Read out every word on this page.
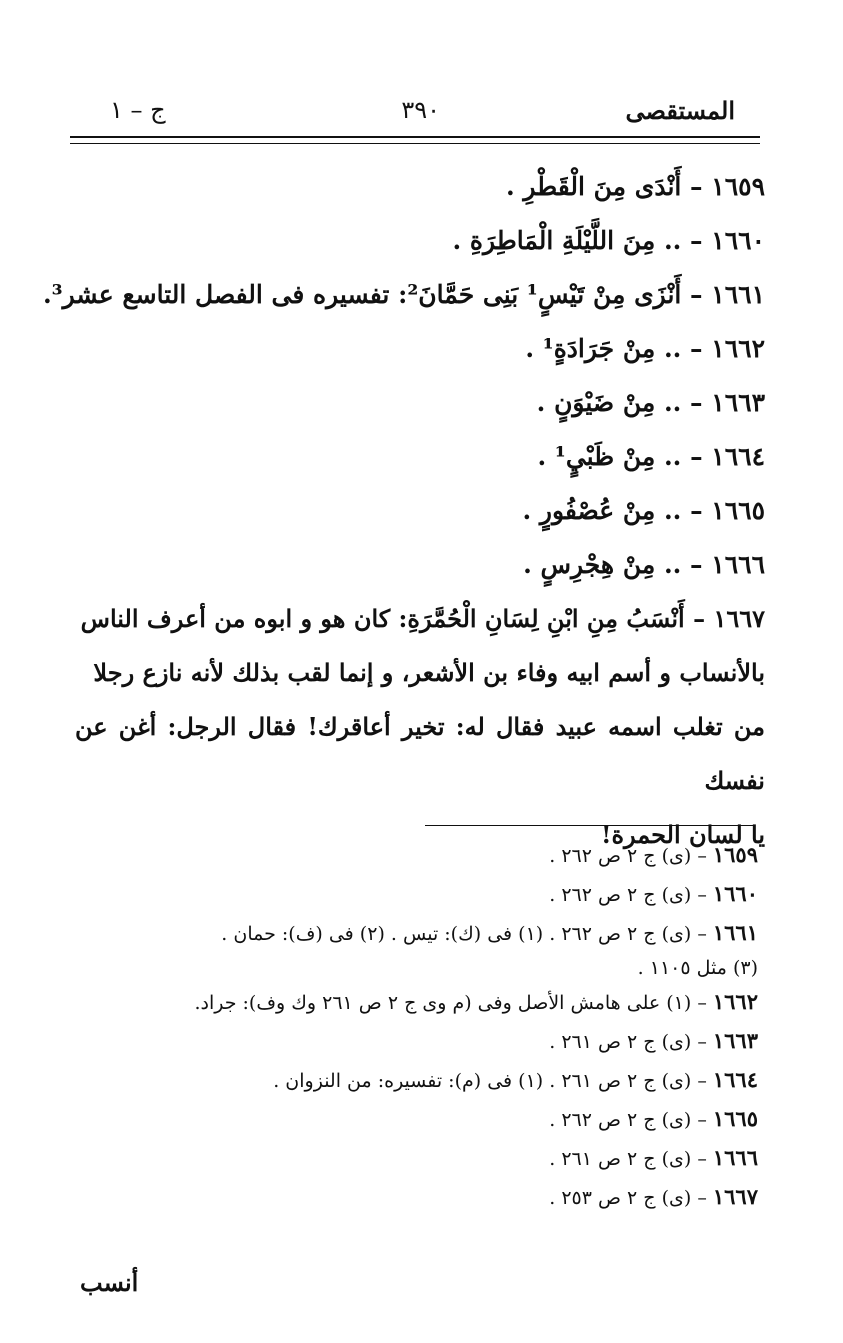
المستقصى
٣٩٠
ج – ١
١٦٥٩ – أَنْدَى مِنَ الْقَطْرِ .
١٦٦٠ – .. مِنَ اللَّيْلَةِ الْمَاطِرَةِ .
١٦٦١ – أَنْزَى مِنْ تَيْسٍ¹ بَنِى حَمَّانَ²: تفسيره فى الفصل التاسع عشر³.
١٦٦٢ – .. مِنْ جَرَادَةٍ¹ .
١٦٦٣ – .. مِنْ ضَيْوَنٍ .
١٦٦٤ – .. مِنْ ظَبْيٍ¹ .
١٦٦٥ – .. مِنْ عُصْفُورٍ .
١٦٦٦ – .. مِنْ هِجْرِسٍ .
١٦٦٧ – أَنْسَبُ مِنِ ابْنِ لِسَانِ الْحُمَّرَةِ: كان هو و ابوه من أعرف الناس
بالأنساب و أسم ابيه وفاء بن الأشعر، و إنما لقب بذلك لأنه نازع رجلا
من تغلب اسمه عبيد فقال له: تخير أعاقرك! فقال الرجل: أغن عن نفسك
يا لسان الحمرة!
١٦٥٩ – (ى) ج ٢ ص ٢٦٢ .
١٦٦٠ – (ى) ج ٢ ص ٢٦٢ .
١٦٦١ – (ى) ج ٢ ص ٢٦٢ . (١) فى (ك): تيس . (٢) فى (ف): حمان .
(٣) مثل ١١٠٥ .
١٦٦٢ – (١) على هامش الأصل وفى (م وى ج ٢ ص ٢٦١ وك وف): جراد.
١٦٦٣ – (ى) ج ٢ ص ٢٦١ .
١٦٦٤ – (ى) ج ٢ ص ٢٦١ . (١) فى (م): تفسيره: من النزوان .
١٦٦٥ – (ى) ج ٢ ص ٢٦٢ .
١٦٦٦ – (ى) ج ٢ ص ٢٦١ .
١٦٦٧ – (ى) ج ٢ ص ٢٥٣ .
أنسب
